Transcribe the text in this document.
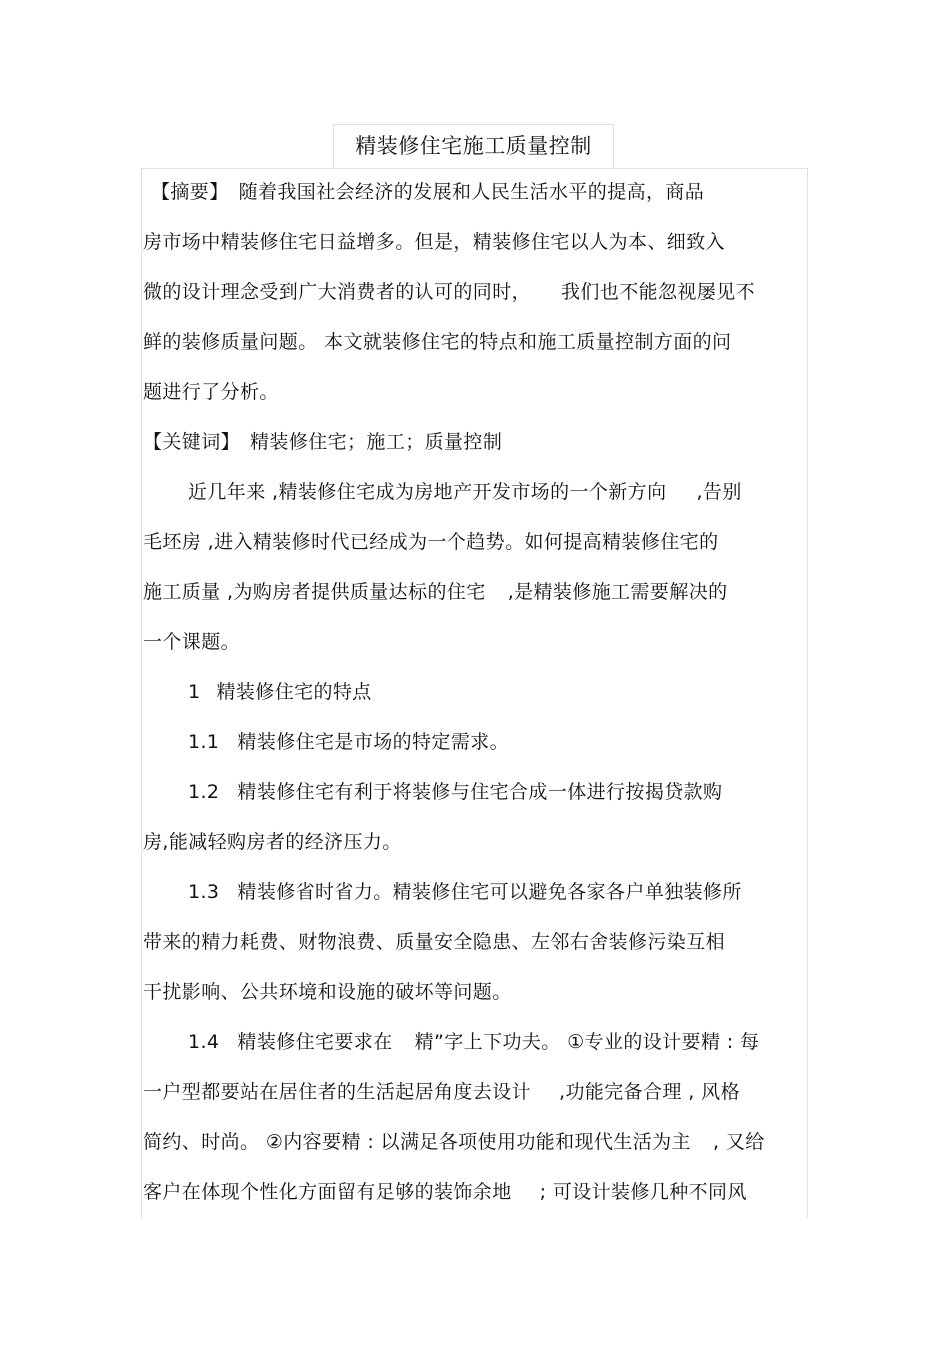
精装修住宅施工质量控制
【摘要】 随着我国社会经济的发展和人民生活水平的提高，商品
房市场中精装修住宅日益增多。但是，精装修住宅以人为本、细致入
微的设计理念受到广大消费者的认可的同时， 我们也不能忽视屡见不
鲜的装修质量问题。 本文就装修住宅的特点和施工质量控制方面的问
题进行了分析。
【关键词】 精装修住宅；施工；质量控制
近几年来 ,精装修住宅成为房地产开发市场的一个新方向 ,告别
毛坯房 ,进入精装修时代已经成为一个趋势。如何提高精装修住宅的
施工质量 ,为购房者提供质量达标的住宅 ,是精装修施工需要解决的
一个课题。
1 精装修住宅的特点
1.1 精装修住宅是市场的特定需求。
1.2 精装修住宅有利于将装修与住宅合成一体进行按揭贷款购
房,能减轻购房者的经济压力。
1.3 精装修省时省力。精装修住宅可以避免各家各户单独装修所
带来的精力耗费、财物浪费、质量安全隐患、左邻右舍装修污染互相
干扰影响、公共环境和设施的破坏等问题。
1.4 精装修住宅要求在 精”字上下功夫。 ①专业的设计要精 : 每
一户型都要站在居住者的生活起居角度去设计 ,功能完备合理 , 风格
简约、时尚。 ②内容要精 : 以满足各项使用功能和现代生活为主 , 又给
客户在体现个性化方面留有足够的装饰余地 ; 可设计装修几种不同风
